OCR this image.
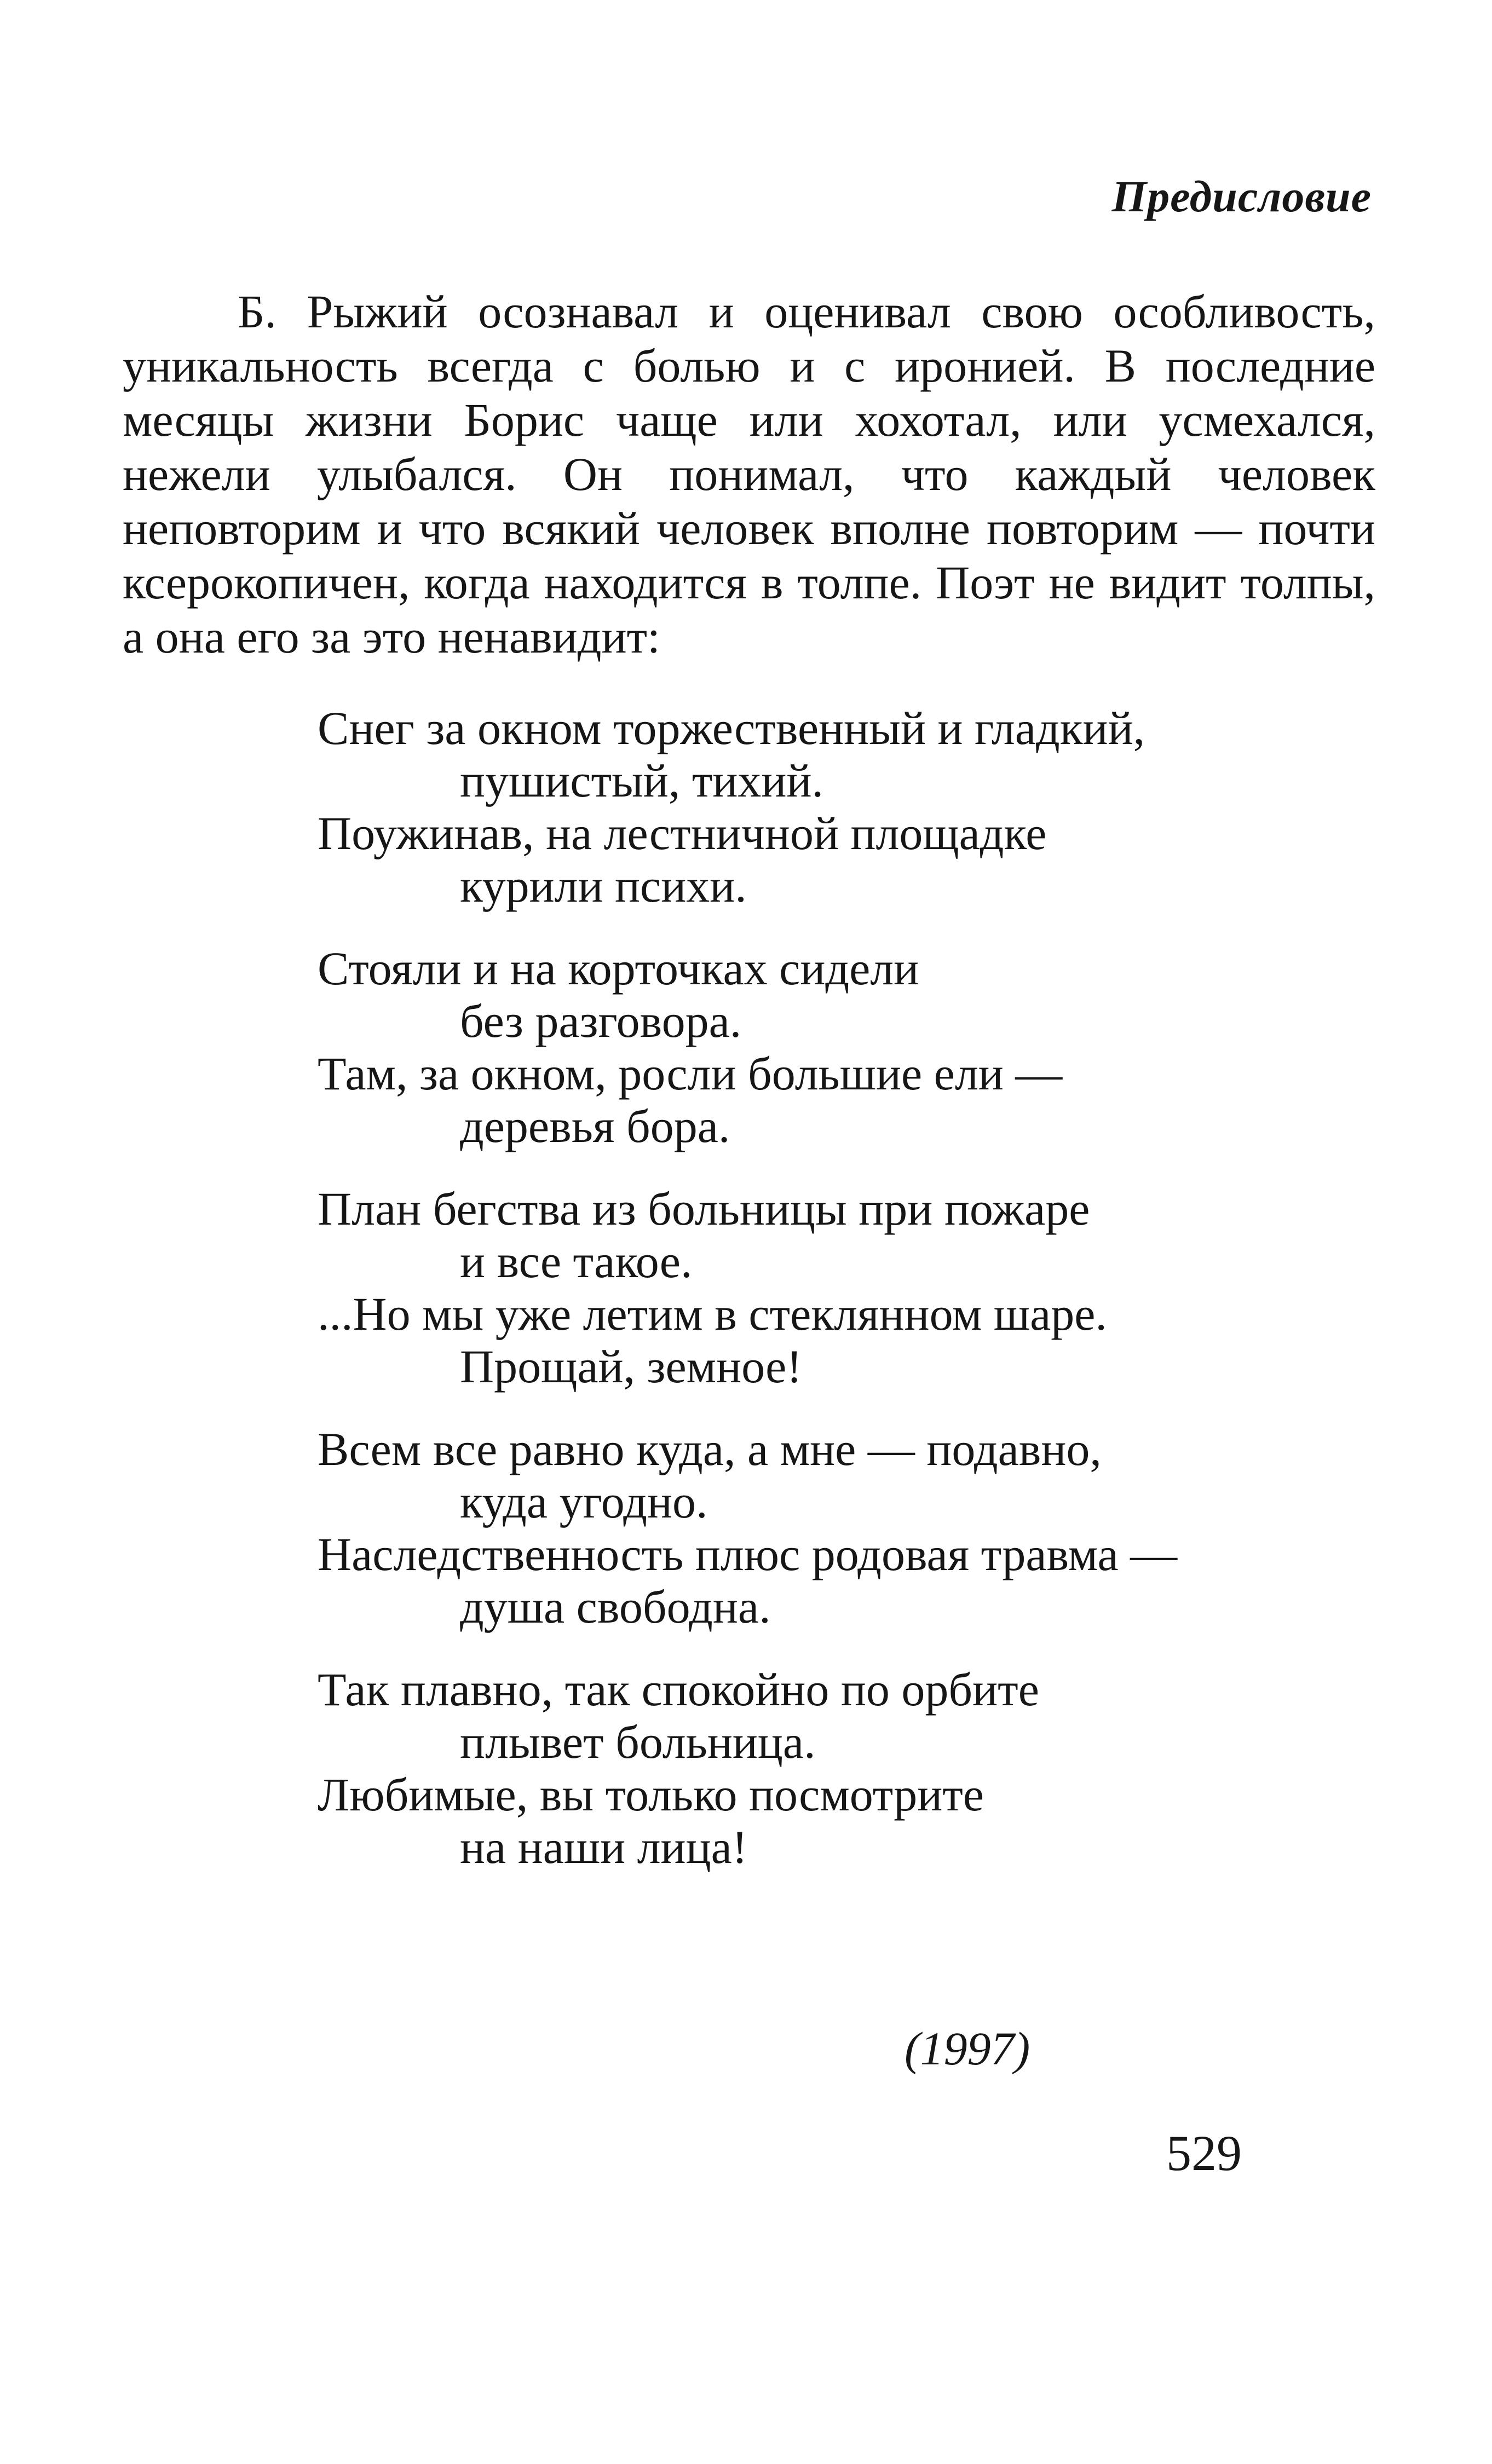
Предисловие

Б. Рыжий осознавал и оценивал свою особливость, уникальность всегда с болью и с иронией. В последние месяцы жизни Борис чаще или хохотал, или усмехался, нежели улыбался. Он понимал, что каждый человек неповторим и что всякий человек вполне повторим — почти ксерокопичен, когда находится в толпе. Поэт не видит толпы, а она его за это ненавидит:

Снег за окном торжественный и гладкий,
пушистый, тихий.
Поужинав, на лестничной площадке
курили психи.
Стояли и на корточках сидели
без разговора.
Там, за окном, росли большие ели —
деревья бора.
План бегства из больницы при пожаре
и все такое.
...Но мы уже летим в стеклянном шаре.
Прощай, земное!
Всем все равно куда, а мне — подавно,
куда угодно.
Наследственность плюс родовая травма —
душа свободна.
Так плавно, так спокойно по орбите
плывет больница.
Любимые, вы только посмотрите
на наши лица!
(1997)
529
